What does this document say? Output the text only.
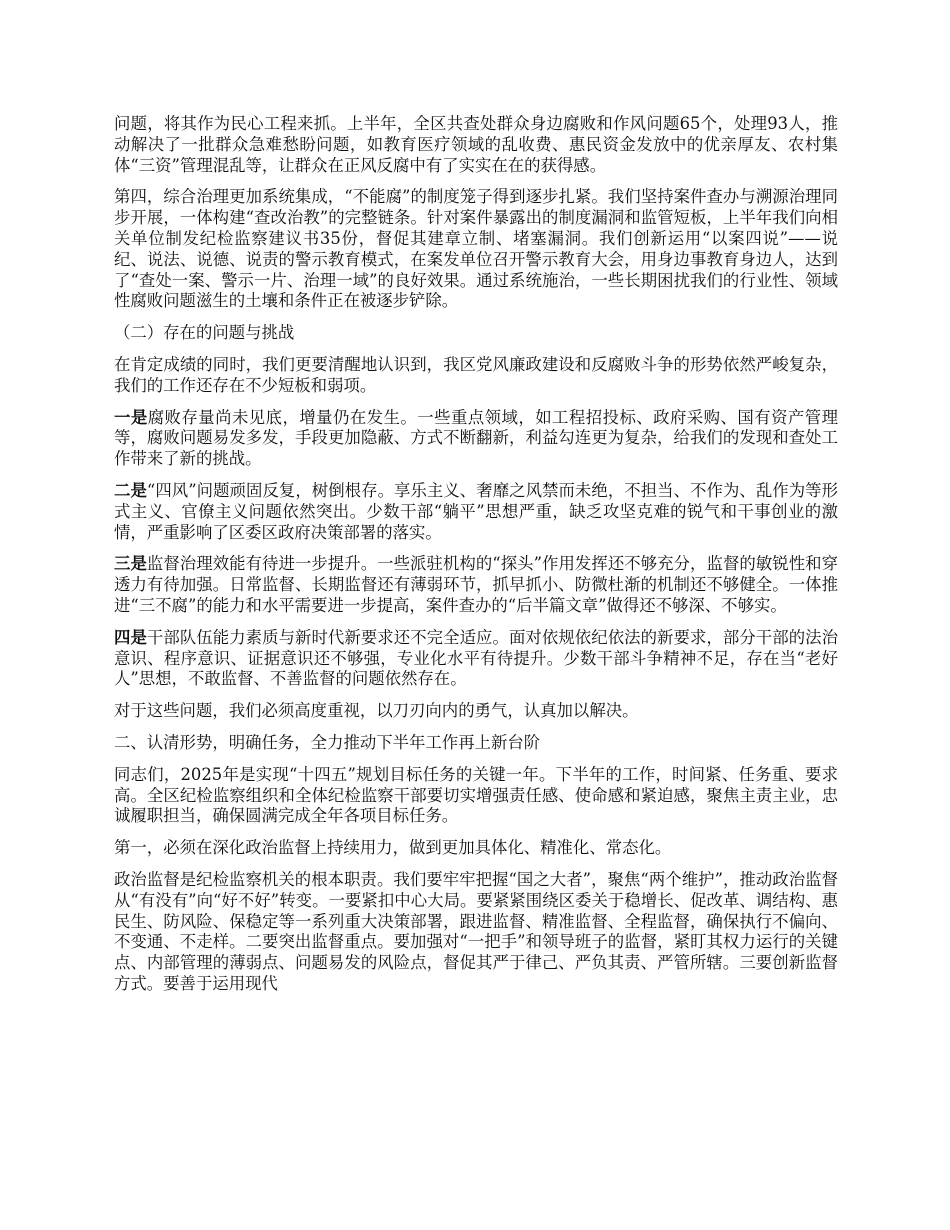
问题，将其作为民心工程来抓。上半年，全区共查处群众身边腐败和作风问题65个，处理93人，推动解决了一批群众急难愁盼问题，如教育医疗领域的乱收费、惠民资金发放中的优亲厚友、农村集体“三资”管理混乱等，让群众在正风反腐中有了实实在在的获得感。

第四，综合治理更加系统集成，“不能腐”的制度笼子得到逐步扎紧。我们坚持案件查办与溯源治理同步开展，一体构建“查改治教”的完整链条。针对案件暴露出的制度漏洞和监管短板，上半年我们向相关单位制发纪检监察建议书35份，督促其建章立制、堵塞漏洞。我们创新运用“以案四说”——说纪、说法、说德、说责的警示教育模式，在案发单位召开警示教育大会，用身边事教育身边人，达到了“查处一案、警示一片、治理一域”的良好效果。通过系统施治，一些长期困扰我们的行业性、领域性腐败问题滋生的土壤和条件正在被逐步铲除。

（二）存在的问题与挑战

在肯定成绩的同时，我们更要清醒地认识到，我区党风廉政建设和反腐败斗争的形势依然严峻复杂，我们的工作还存在不少短板和弱项。

一是腐败存量尚未见底，增量仍在发生。一些重点领域，如工程招投标、政府采购、国有资产管理等，腐败问题易发多发，手段更加隐蔽、方式不断翻新，利益勾连更为复杂，给我们的发现和查处工作带来了新的挑战。

二是“四风”问题顽固反复，树倒根存。享乐主义、奢靡之风禁而未绝，不担当、不作为、乱作为等形式主义、官僚主义问题依然突出。少数干部“躺平”思想严重，缺乏攻坚克难的锐气和干事创业的激情，严重影响了区委区政府决策部署的落实。

三是监督治理效能有待进一步提升。一些派驻机构的“探头”作用发挥还不够充分，监督的敏锐性和穿透力有待加强。日常监督、长期监督还有薄弱环节，抓早抓小、防微杜渐的机制还不够健全。一体推进“三不腐”的能力和水平需要进一步提高，案件查办的“后半篇文章”做得还不够深、不够实。

四是干部队伍能力素质与新时代新要求还不完全适应。面对依规依纪依法的新要求，部分干部的法治意识、程序意识、证据意识还不够强，专业化水平有待提升。少数干部斗争精神不足，存在当“老好人”思想，不敢监督、不善监督的问题依然存在。

对于这些问题，我们必须高度重视，以刀刃向内的勇气，认真加以解决。

二、认清形势，明确任务，全力推动下半年工作再上新台阶

同志们，2025年是实现“十四五”规划目标任务的关键一年。下半年的工作，时间紧、任务重、要求高。全区纪检监察组织和全体纪检监察干部要切实增强责任感、使命感和紧迫感，聚焦主责主业，忠诚履职担当，确保圆满完成全年各项目标任务。

第一，必须在深化政治监督上持续用力，做到更加具体化、精准化、常态化。

政治监督是纪检监察机关的根本职责。我们要牢牢把握“国之大者”，聚焦“两个维护”，推动政治监督从“有没有”向“好不好”转变。一要紧扣中心大局。要紧紧围绕区委关于稳增长、促改革、调结构、惠民生、防风险、保稳定等一系列重大决策部署，跟进监督、精准监督、全程监督，确保执行不偏向、不变通、不走样。二要突出监督重点。要加强对“一把手”和领导班子的监督，紧盯其权力运行的关键点、内部管理的薄弱点、问题易发的风险点，督促其严于律己、严负其责、严管所辖。三要创新监督方式。要善于运用现代
